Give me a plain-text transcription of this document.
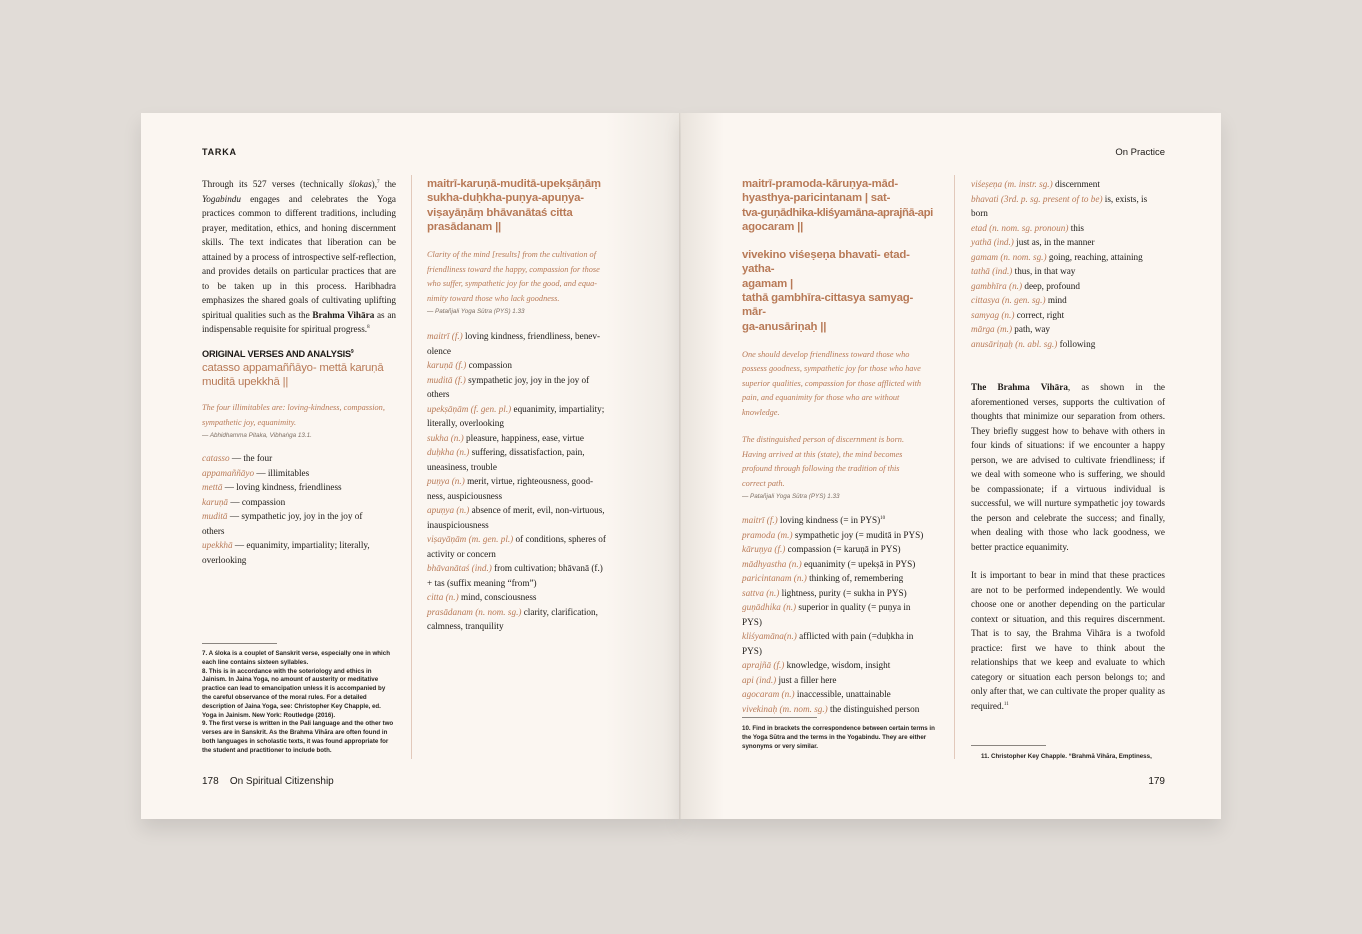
TARKA

Through its 527 verses (technically ślokas),$^7$ the Yogabindu engages and celebrates the Yoga practices common to different traditions, including prayer, meditation, ethics, and honing discernment skills. The text indicates that liberation can be attained by a process of introspective self-reflection, and provides details on particular practices that are to be taken up in this process. Haribhadra emphasizes the shared goals of cultivating uplifting spiritual qualities such as the Brahma Vihāra as an indispensable requisite for spiritual progress.$^8$

ORIGINAL VERSES AND ANALYSIS$^9$

catasso appamaññāyo- mettā karuṇā
muditā upekkhā ||
The four illimitables are: loving-kindness, compassion,
sympathetic joy, equanimity.

— Abhidhamma Pitaka, Vibhaṅga 13.1.

catasso — the four

appamaññāyo — illimitables

mettā — loving kindness, friendliness

karuṇā — compassion

muditā — sympathetic joy, joy in the joy of

others

upekkhā — equanimity, impartiality; literally,

overlooking

7. A śloka is a couplet of Sanskrit verse, especially one in which each line contains sixteen syllables.

8. This is in accordance with the soteriology and ethics in Jainism. In Jaina Yoga, no amount of austerity or meditative practice can lead to emancipation unless it is accompanied by the careful observance of the moral rules. For a detailed description of Jaina Yoga, see: Christopher Key Chapple, ed. Yoga in Jainism. New York: Routledge (2016).

9. The first verse is written in the Pali language and the other two verses are in Sanskrit. As the Brahma Vihāra are often found in both languages in scholastic texts, it was found appropriate for the student and practitioner to include both.

178 On Spiritual Citizenship
maitrī-karuṇā-muditā-upekṣāṇāṃ
sukha-duḥkha-puṇya-apuṇya-
viṣayāṇāṃ bhāvanātaś citta
prasādanam ||
Clarity of the mind [results] from the cultivation of
friendliness toward the happy, compassion for those
who suffer, sympathetic joy for the good, and equa-
nimity toward those who lack goodness.

— Patañjali Yoga Sūtra (PYS) 1.33

maitrī (f.) loving kindness, friendliness, benev-

olence

karuṇā (f.) compassion

muditā (f.) sympathetic joy, joy in the joy of

others

upekṣāṇām (f. gen. pl.) equanimity, impartiality;

literally, overlooking

sukha (n.) pleasure, happiness, ease, virtue

duḥkha (n.) suffering, dissatisfaction, pain,

uneasiness, trouble

puṇya (n.) merit, virtue, righteousness, good-

ness, auspiciousness

apuṇya (n.) absence of merit, evil, non-virtuous,

inauspiciousness

viṣayāṇām (m. gen. pl.) of conditions, spheres of

activity or concern

bhāvanātaś (ind.) from cultivation; bhāvanā (f.)

+ tas (suffix meaning “from”)

citta (n.) mind, consciousness

prasādanam (n. nom. sg.) clarity, clarification,

calmness, tranquility

On Practice
maitrī-pramoda-kāruṇya-mād-
hyasthya-paricintanam | sat-
tva-guṇādhika-kliśyamāna-aprajñā-api
agocaram ||
vivekino viśeṣeṇa bhavati- etad-yatha-
agamam |
tathā gambhīra-cittasya samyag-mār-
ga-anusāriṇaḥ ||
One should develop friendliness toward those who
possess goodness, sympathetic joy for those who have
superior qualities, compassion for those afflicted with
pain, and equanimity for those who are without
knowledge.
The distinguished person of discernment is born.
Having arrived at this (state), the mind becomes
profound through following the tradition of this
correct path.

— Patañjali Yoga Sūtra (PYS) 1.33

maitrī (f.) loving kindness (= in PYS)$^{10}$

pramoda (m.) sympathetic joy (= muditā in PYS)

kāruṇya (f.) compassion (= karuṇā in PYS)

mādhyastha (n.) equanimity (= upekṣā in PYS)

paricintanam (n.) thinking of, remembering

sattva (n.) lightness, purity (= sukha in PYS)

guṇādhika (n.) superior in quality (= puṇya in

PYS)

kliśyamāna(n.) afflicted with pain (=duḥkha in

PYS)

aprajñā (f.) knowledge, wisdom, insight

api (ind.) just a filler here

agocaram (n.) inaccessible, unattainable

vivekinaḥ (m. nom. sg.) the distinguished person

10. Find in brackets the correspondence between certain terms in the Yoga Sūtra and the terms in the Yogabindu. They are either synonyms or very similar.

viśeṣeṇa (m. instr. sg.) discernment

bhavati (3rd. p. sg. present of to be) is, exists, is

born

etad (n. nom. sg. pronoun) this

yathā (ind.) just as, in the manner

gamam (n. nom. sg.) going, reaching, attaining

tathā (ind.) thus, in that way

gambhīra (n.) deep, profound

cittasya (n. gen. sg.) mind

samyag (n.) correct, right

mārga (m.) path, way

anusāriṇaḥ (n. abl. sg.) following

The Brahma Vihāra, as shown in the aforementioned verses, supports the cultivation of thoughts that minimize our separation from others. They briefly suggest how to behave with others in four kinds of situations: if we encounter a happy person, we are advised to cultivate friendliness; if we deal with someone who is suffering, we should be compassionate; if a virtuous individual is successful, we will nurture sympathetic joy towards the person and celebrate the success; and finally, when dealing with those who lack goodness, we better practice equanimity.

It is important to bear in mind that these practices are not to be performed independently. We would choose one or another depending on the particular context or situation, and this requires discernment. That is to say, the Brahma Vihāra is a twofold practice: first we have to think about the relationships that we keep and evaluate to which category or situation each person belongs to; and only after that, we can cultivate the proper quality as required.$^{11}$

11. Christopher Key Chapple. “Brahmā Vihāra, Emptiness,

179
